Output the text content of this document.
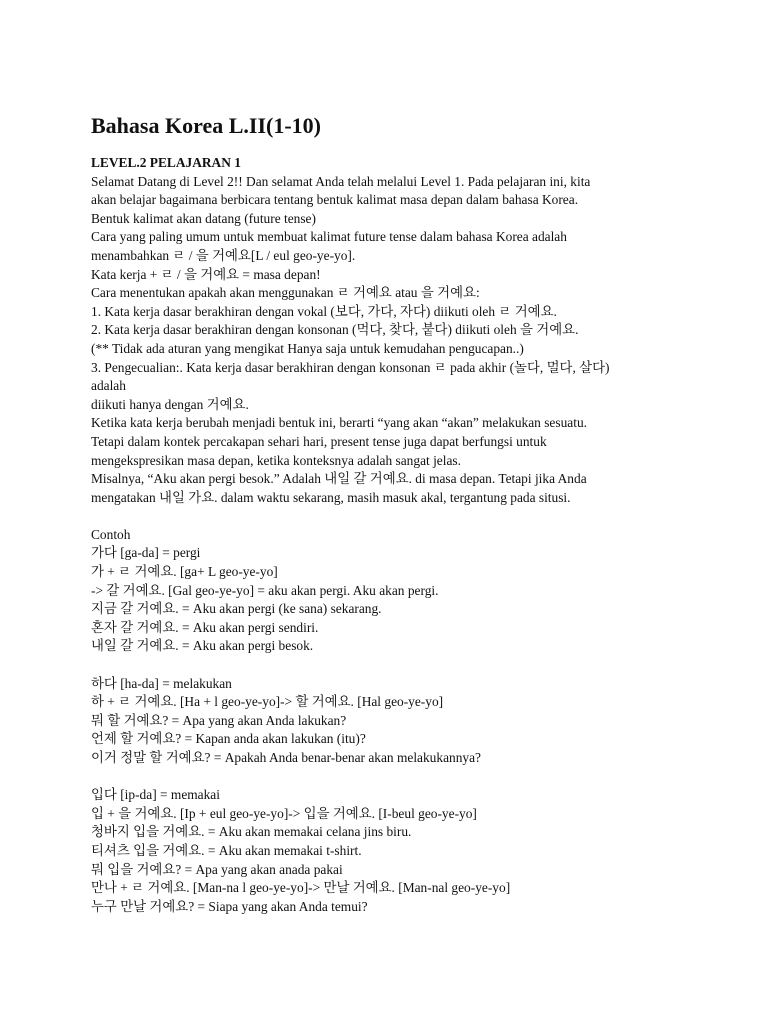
Bahasa Korea L.II(1-10)
LEVEL.2 PELAJARAN 1
Selamat Datang di Level 2!! Dan selamat Anda telah melalui Level 1. Pada pelajaran ini, kita
akan belajar bagaimana berbicara tentang bentuk kalimat masa depan dalam bahasa Korea.
Bentuk kalimat akan datang (future tense)
Cara yang paling umum untuk membuat kalimat future tense dalam bahasa Korea adalah
menambahkan ㄹ / 을 거예요[L / eul geo-ye-yo].
Kata kerja + ㄹ / 을 거예요 = masa depan!
Cara menentukan apakah akan menggunakan ㄹ 거예요 atau 을 거예요:
1. Kata kerja dasar berakhiran dengan vokal (보다, 가다, 자다) diikuti oleh ㄹ 거예요.
2. Kata kerja dasar berakhiran dengan konsonan (먹다, 찾다, 붙다) diikuti oleh 을 거예요.
(** Tidak ada aturan yang mengikat Hanya saja untuk kemudahan pengucapan..)
3. Pengecualian:. Kata kerja dasar berakhiran dengan konsonan ㄹ pada akhir (놀다, 멀다, 살다)
adalah
diikuti hanya dengan 거예요.
Ketika kata kerja berubah menjadi bentuk ini, berarti “yang akan “akan” melakukan sesuatu.
Tetapi dalam kontek percakapan sehari hari, present tense juga dapat berfungsi untuk
mengekspresikan masa depan, ketika konteksnya adalah sangat jelas.
Misalnya, “Aku akan pergi besok.” Adalah 내일 갈 거예요. di masa depan. Tetapi jika Anda
mengatakan 내일 가요. dalam waktu sekarang, masih masuk akal, tergantung pada situsi.
Contoh
가다 [ga-da] = pergi
가 + ㄹ 거예요. [ga+ L geo-ye-yo]
-> 갈 거예요. [Gal geo-ye-yo] = aku akan pergi. Aku akan pergi.
지금 갈 거예요. = Aku akan pergi (ke sana) sekarang.
혼자 갈 거예요. = Aku akan pergi sendiri.
내일 갈 거예요. = Aku akan pergi besok.
하다 [ha-da] = melakukan
하 + ㄹ 거예요. [Ha + l geo-ye-yo]-> 할 거예요. [Hal geo-ye-yo]
뭐 할 거예요? = Apa yang akan Anda lakukan?
언제 할 거예요? = Kapan anda akan lakukan (itu)?
이거 정말 할 거예요? = Apakah Anda benar-benar akan melakukannya?
입다 [ip-da] = memakai
입 + 을 거예요. [Ip + eul geo-ye-yo]-> 입을 거예요. [I-beul geo-ye-yo]
청바지 입을 거예요. = Aku akan memakai celana jins biru.
티셔츠 입을 거예요. = Aku akan memakai t-shirt.
뭐 입을 거예요? = Apa yang akan anada pakai
만나 + ㄹ 거예요. [Man-na l geo-ye-yo]-> 만날 거예요. [Man-nal geo-ye-yo]
누구 만날 거예요? = Siapa yang akan Anda temui?
